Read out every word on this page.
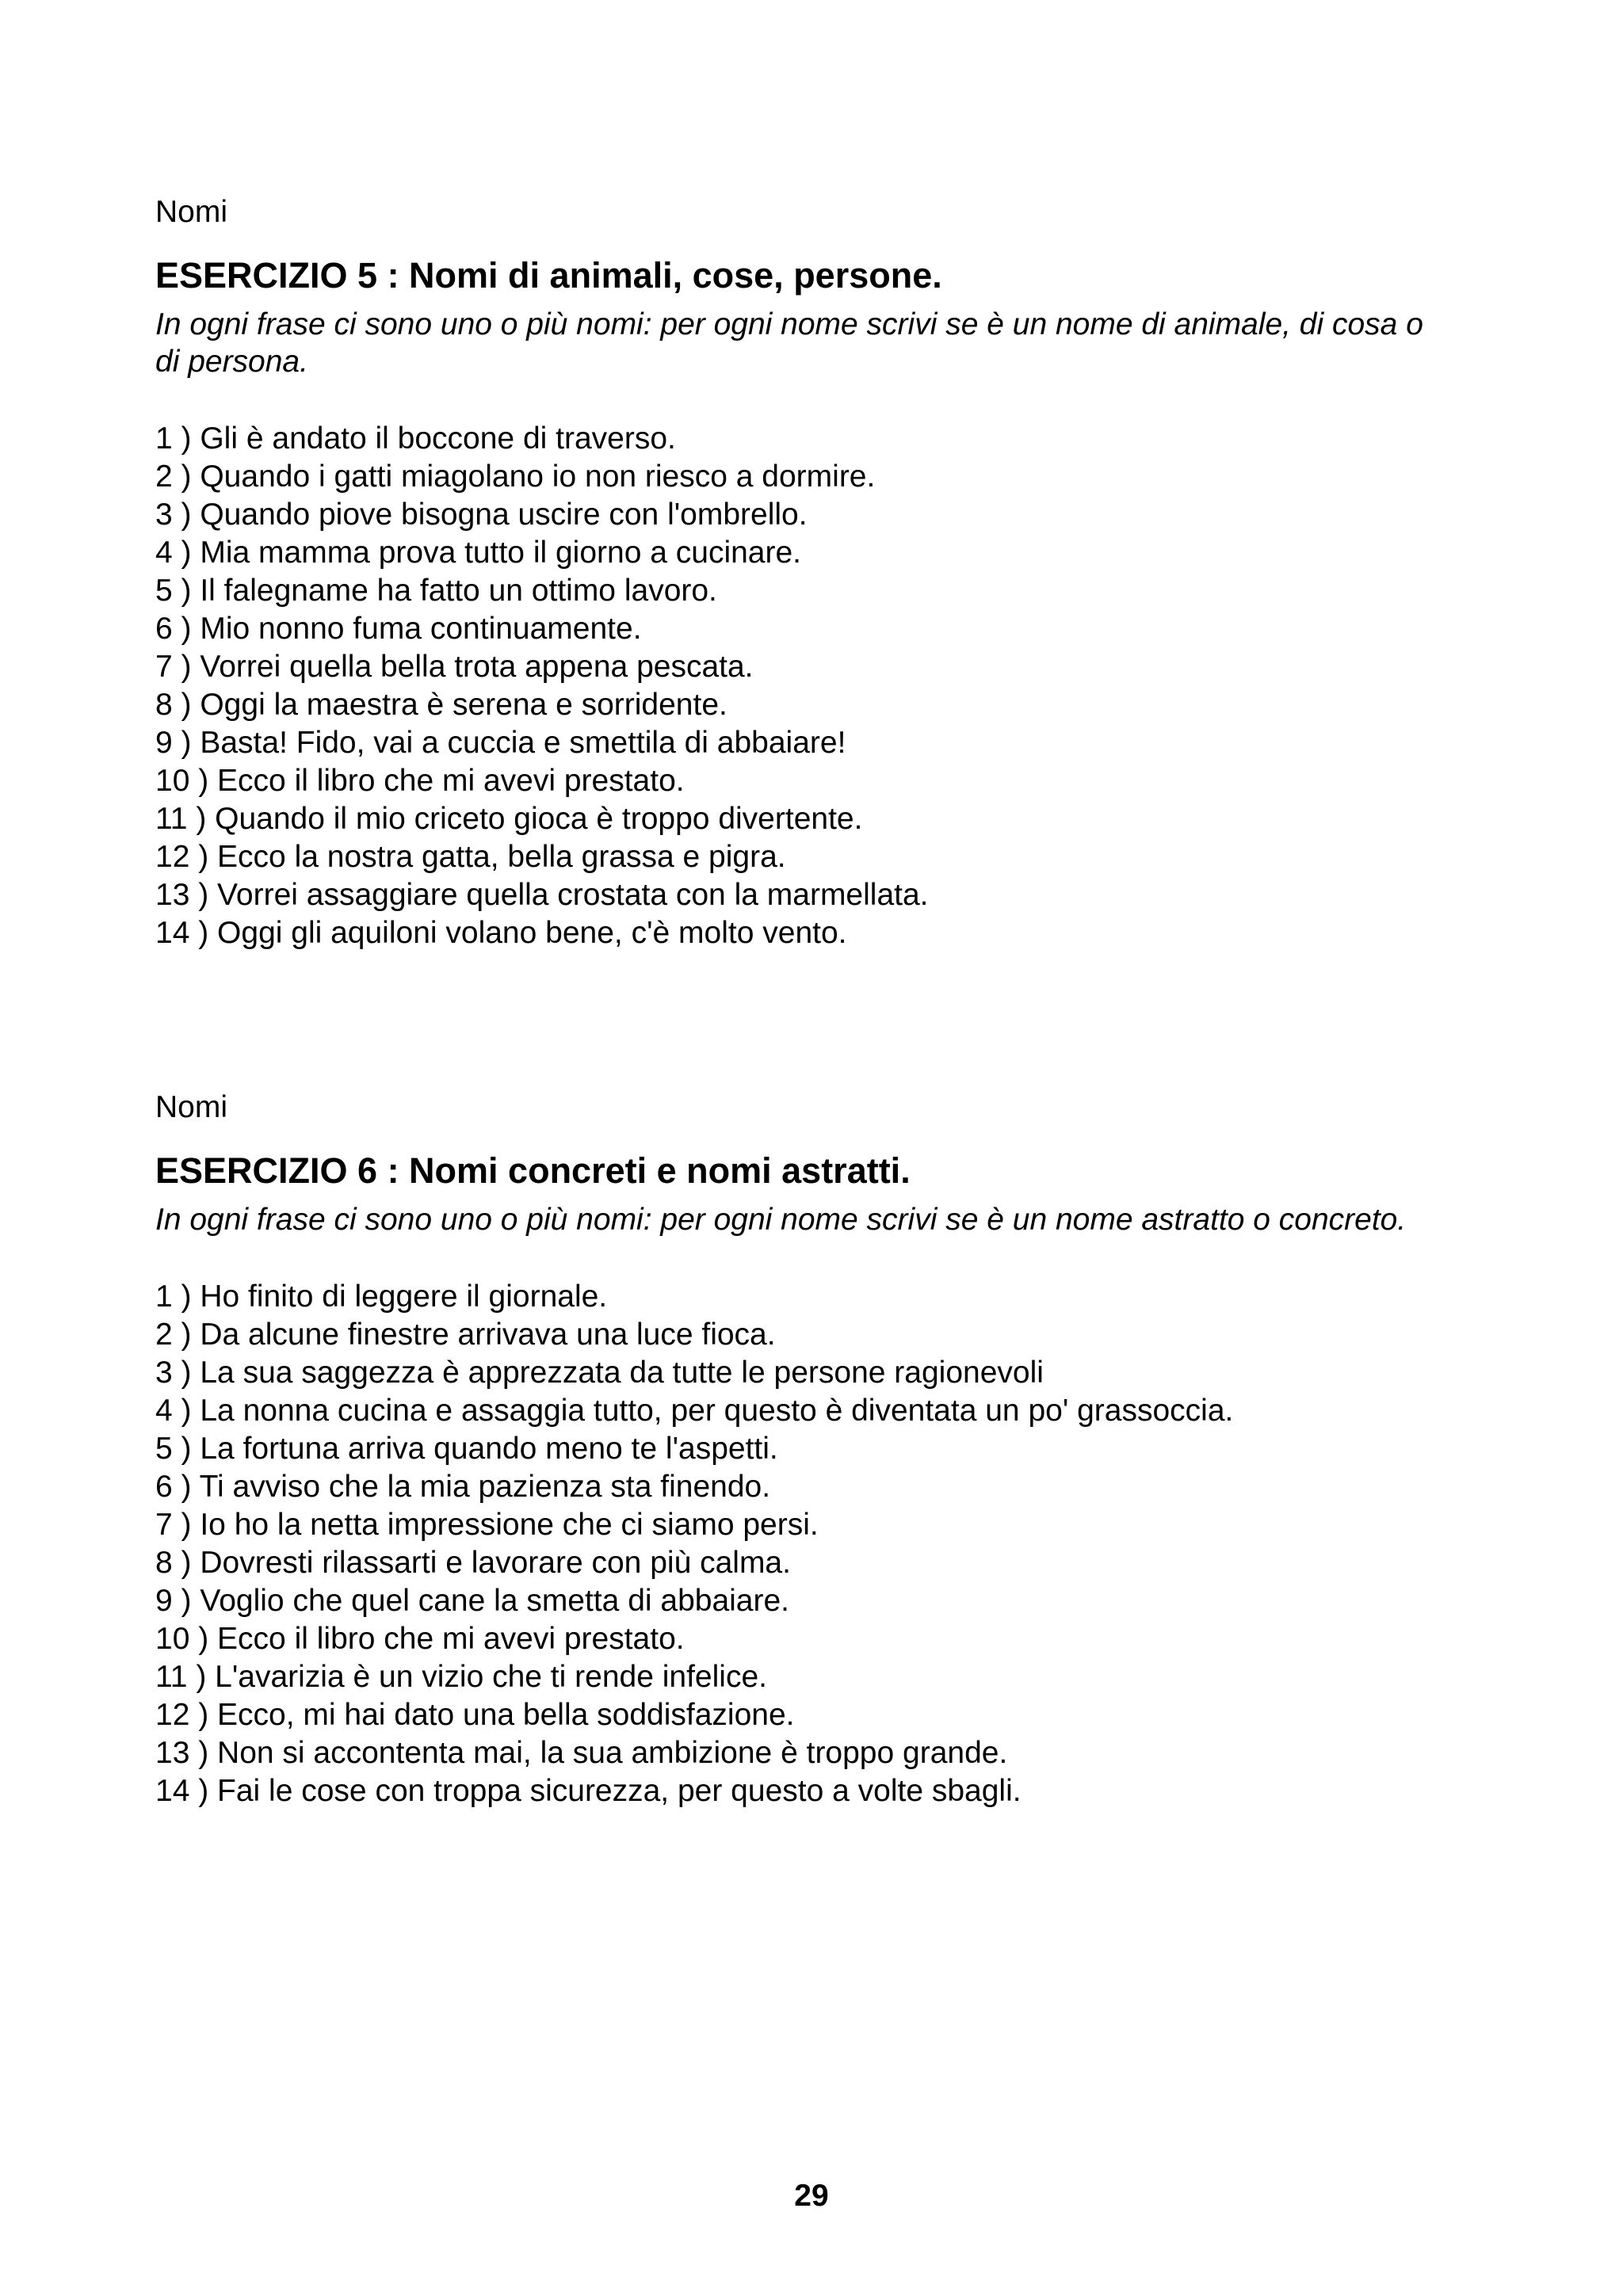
Nomi

ESERCIZIO 5 : Nomi di animali, cose, persone.

In ogni frase ci sono uno o più nomi: per ogni nome scrivi se è un nome di animale, di cosa o di persona.

1 ) Gli è andato il boccone di traverso.
2 ) Quando i gatti miagolano io non riesco a dormire.
3 ) Quando piove bisogna uscire con l'ombrello.
4 ) Mia mamma prova tutto il giorno a cucinare.
5 ) Il falegname ha fatto un ottimo lavoro.
6 ) Mio nonno fuma continuamente.
7 ) Vorrei quella bella trota appena pescata.
8 ) Oggi la maestra è serena e sorridente.
9 ) Basta! Fido, vai a cuccia e smettila di abbaiare!
10 ) Ecco il libro che mi avevi prestato.
11 ) Quando il mio criceto gioca è troppo divertente.
12 ) Ecco la nostra gatta, bella grassa e pigra.
13 ) Vorrei assaggiare quella crostata con la marmellata.
14 ) Oggi gli aquiloni volano bene, c'è molto vento.

Nomi

ESERCIZIO 6 : Nomi concreti e nomi astratti.

In ogni frase ci sono uno o più nomi: per ogni nome scrivi se è un nome astratto o concreto.

1 ) Ho finito di leggere il giornale.
2 ) Da alcune finestre arrivava una luce fioca.
3 ) La sua saggezza è apprezzata da tutte le persone ragionevoli
4 ) La nonna cucina e assaggia tutto, per questo è diventata un po' grassoccia.
5 ) La fortuna arriva quando meno te l'aspetti.
6 ) Ti avviso che la mia pazienza sta finendo.
7 ) Io ho la netta impressione che ci siamo persi.
8 ) Dovresti rilassarti e lavorare con più calma.
9 ) Voglio che quel cane la smetta di abbaiare.
10 ) Ecco il libro che mi avevi prestato.
11 ) L'avarizia è un vizio che ti rende infelice.
12 ) Ecco, mi hai dato una bella soddisfazione.
13 ) Non si accontenta mai, la sua ambizione è troppo grande.
14 ) Fai le cose con troppa sicurezza, per questo a volte sbagli.
29
